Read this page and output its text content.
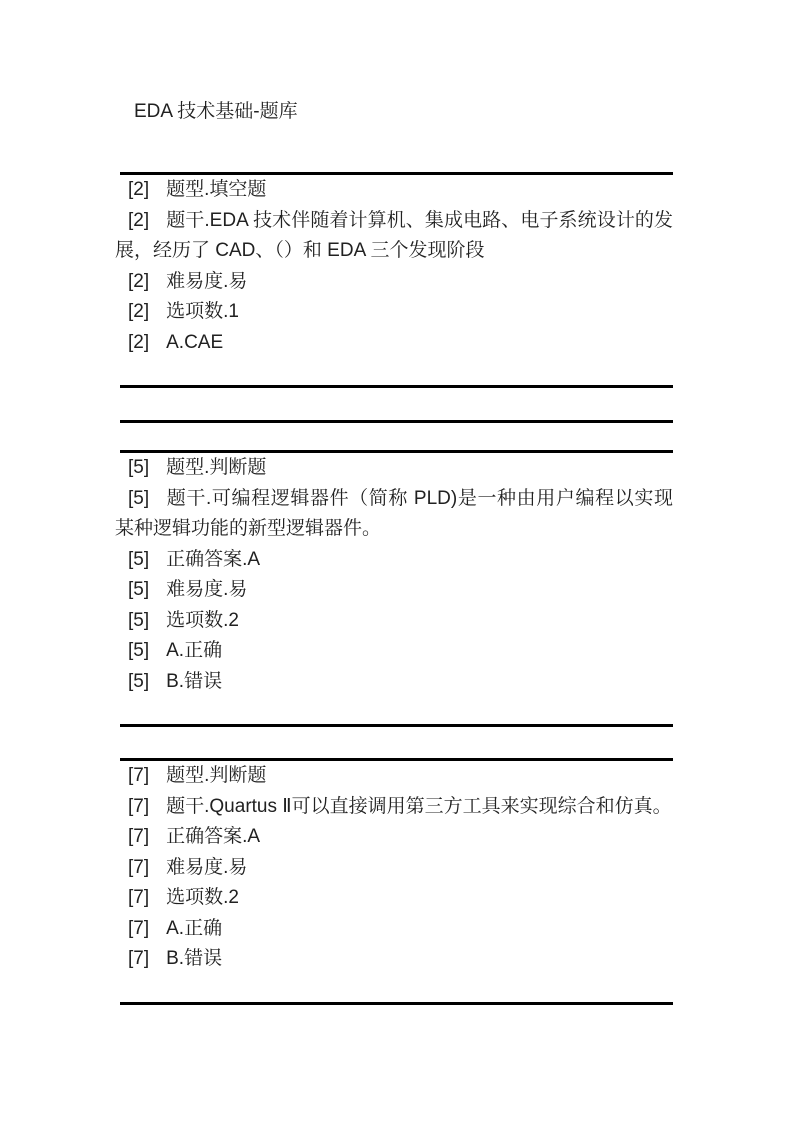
EDA 技术基础-题库

[2] 题型.填空题

[2] 题干.EDA 技术伴随着计算机、集成电路、电子系统设计的发展，经历了 CAD、（）和 EDA 三个发现阶段

[2] 难易度.易

[2] 选项数.1

[2] A.CAE

[5] 题型.判断题

[5] 题干.可编程逻辑器件（简称 PLD)是一种由用户编程以实现某种逻辑功能的新型逻辑器件。

[5] 正确答案.A

[5] 难易度.易

[5] 选项数.2

[5] A.正确

[5] B.错误

[7] 题型.判断题

[7] 题干.Quartus Ⅱ可以直接调用第三方工具来实现综合和仿真。

[7] 正确答案.A

[7] 难易度.易

[7] 选项数.2

[7] A.正确

[7] B.错误
